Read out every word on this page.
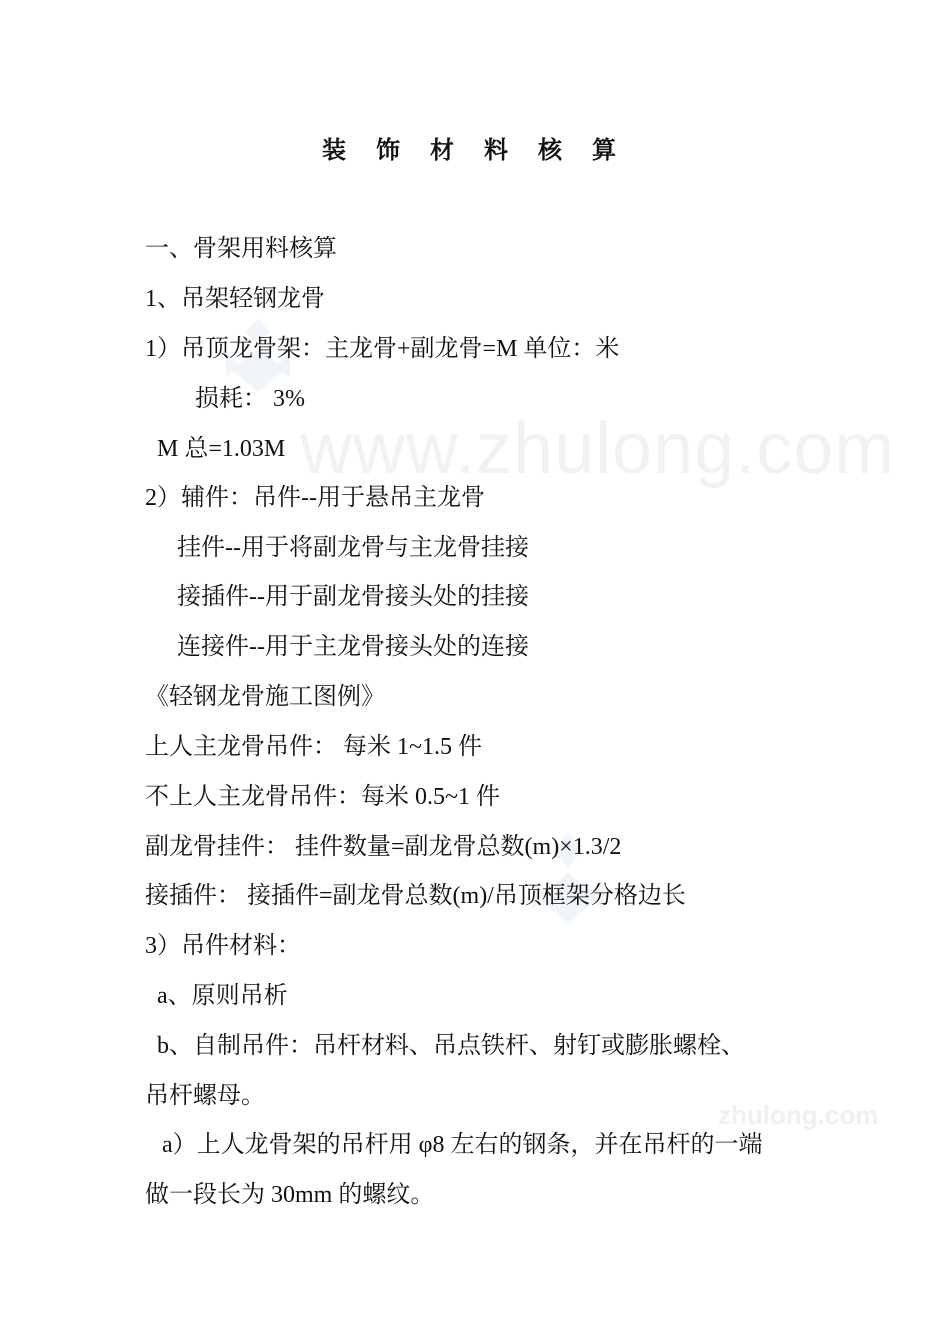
www.zhulong.com
zhulong.com
装 饰 材 料 核 算
一、骨架用料核算
1、吊架轻钢龙骨
1）吊顶龙骨架：主龙骨+副龙骨=M 单位：米
损耗： 3%
M 总=1.03M
2）辅件：吊件--用于悬吊主龙骨
挂件--用于将副龙骨与主龙骨挂接
接插件--用于副龙骨接头处的挂接
连接件--用于主龙骨接头处的连接
《轻钢龙骨施工图例》
上人主龙骨吊件： 每米 1~1.5 件
不上人主龙骨吊件：每米 0.5~1 件
副龙骨挂件： 挂件数量=副龙骨总数(m)×1.3/2
接插件： 接插件=副龙骨总数(m)/吊顶框架分格边长
3）吊件材料：
a、原则吊析
b、自制吊件：吊杆材料、吊点铁杆、射钉或膨胀螺栓、
吊杆螺母。
a）上人龙骨架的吊杆用 φ8 左右的钢条，并在吊杆的一端
做一段长为 30mm 的螺纹。
